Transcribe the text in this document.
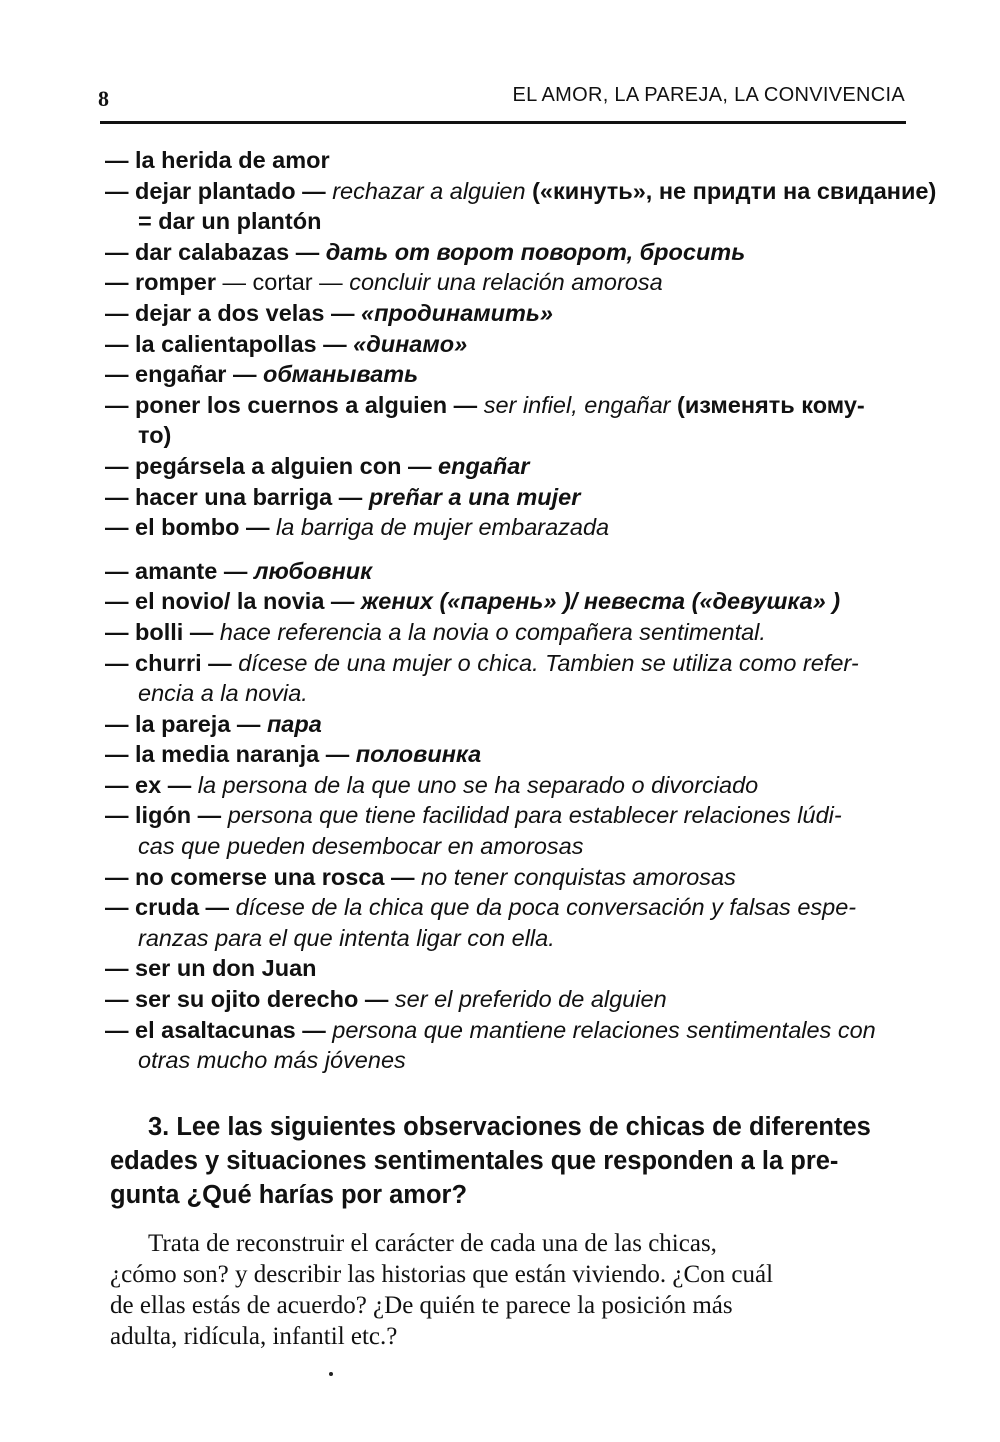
8	EL AMOR, LA PAREJA, LA CONVIVENCIA
— la herida de amor
— dejar plantado — rechazar a alguien («кинуть», не придти на свидание)
= dar un plantón
— dar calabazas — дать от ворот поворот, бросить
— romper — cortar — concluir una relación amorosa
— dejar a dos velas — «продинамить»
— la calientapollas — «динамо»
— engañar — обманывать
— poner los cuernos a alguien — ser infiel, engañar (изменять кому-
то)
— pegársela a alguien con — engañar
— hacer una barriga — preñar a una mujer
— el bombo — la barriga de mujer embarazada
— amante — любовник
— el novio/ la novia — жених («парень» )/ невеста («девушка» )
— bolli — hace referencia a la novia o compañera sentimental.
— churri — dícese de una mujer o chica. Tambien se utiliza como refer-
encia a la novia.
— la pareja — пара
— la media naranja — половинка
— ex — la persona de la que uno se ha separado o divorciado
— ligón — persona que tiene facilidad para establecer relaciones lúdi-
cas que pueden desembocar en amorosas
— no comerse una rosca — no tener conquistas amorosas
— cruda — dícese de la chica que da poca conversación y falsas espe-
ranzas para el que intenta ligar con ella.
— ser un don Juan
— ser su ojito derecho — ser el preferido de alguien
— el asaltacunas — persona que mantiene relaciones sentimentales con
otras mucho más jóvenes
3. Lee las siguientes observaciones de chicas de diferentes
edades y situaciones sentimentales que responden a la pre-
gunta ¿Qué harías por amor?
Trata de reconstruir el carácter de cada una de las chicas,
¿cómo son? y describir las historias que están viviendo. ¿Con cuál
de ellas estás de acuerdo? ¿De quién te parece la posición más
adulta, ridícula, infantil etc.?
